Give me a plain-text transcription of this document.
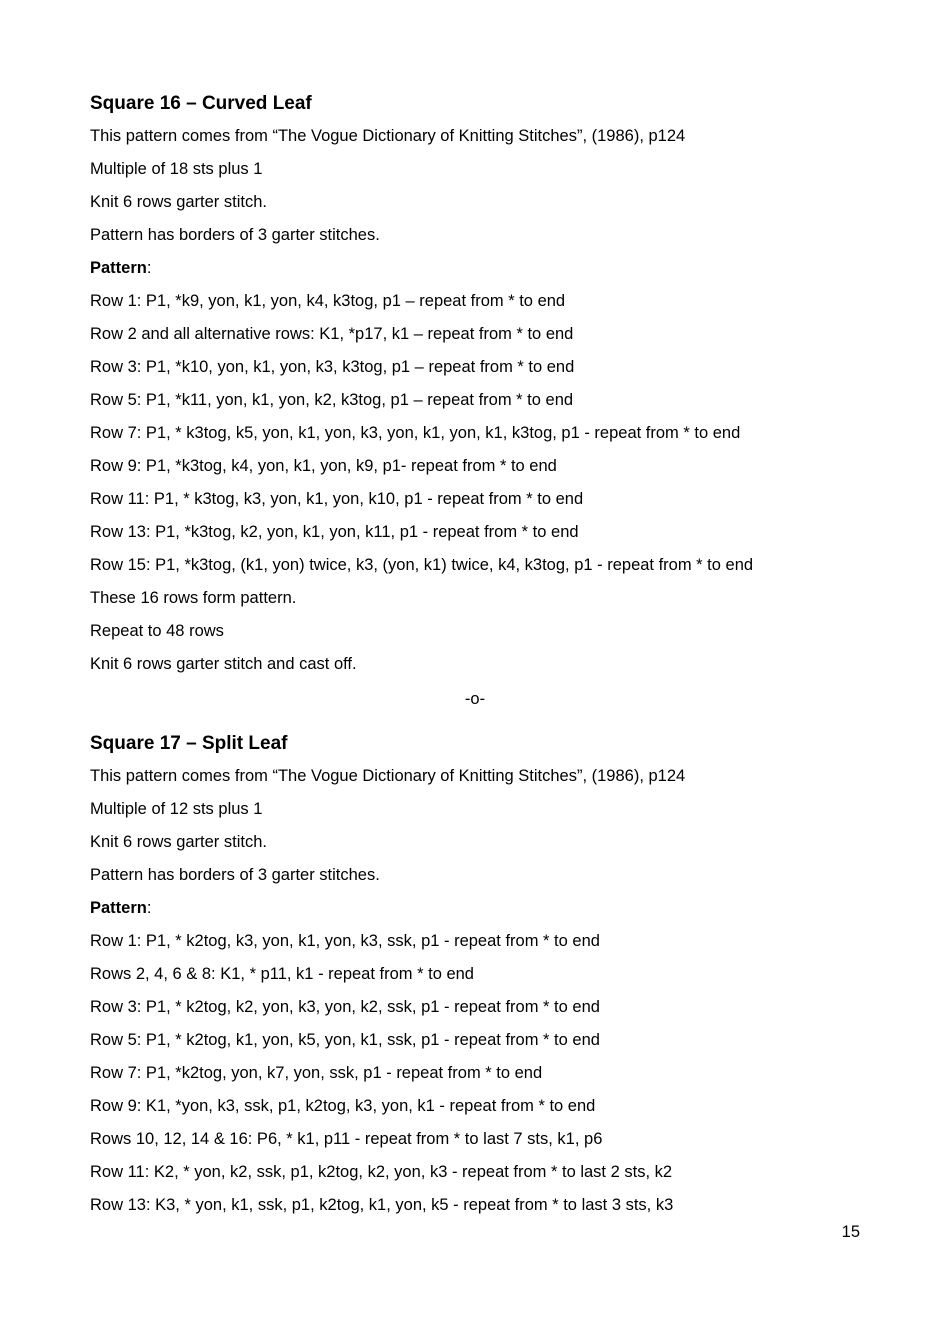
Square 16 – Curved Leaf

This pattern comes from “The Vogue Dictionary of Knitting Stitches”, (1986), p124

Multiple of 18 sts plus 1

Knit 6 rows garter stitch.

Pattern has borders of 3 garter stitches.

Pattern:

Row 1: P1, *k9, yon, k1, yon, k4, k3tog, p1 – repeat from * to end

Row 2 and all alternative rows: K1, *p17, k1 – repeat from * to end

Row 3: P1, *k10, yon, k1, yon, k3, k3tog, p1 – repeat from * to end

Row 5: P1, *k11, yon, k1, yon, k2, k3tog, p1 – repeat from * to end

Row 7: P1, * k3tog, k5, yon, k1, yon, k3, yon, k1, yon, k1, k3tog, p1 - repeat from * to end

Row 9: P1, *k3tog, k4, yon, k1, yon, k9, p1- repeat from * to end

Row 11: P1, * k3tog, k3, yon, k1, yon, k10, p1 - repeat from * to end

Row 13: P1, *k3tog, k2, yon, k1, yon, k11, p1 - repeat from * to end

Row 15: P1, *k3tog, (k1, yon) twice, k3, (yon, k1) twice, k4, k3tog, p1 - repeat from * to end

These 16 rows form pattern.

Repeat to 48 rows

Knit 6 rows garter stitch and cast off.

Square 17 – Split Leaf

This pattern comes from “The Vogue Dictionary of Knitting Stitches”, (1986), p124

Multiple of 12 sts plus 1

Knit 6 rows garter stitch.

Pattern has borders of 3 garter stitches.

Pattern:

Row 1: P1, * k2tog, k3, yon, k1, yon, k3, ssk, p1 - repeat from * to end

Rows 2, 4, 6 & 8: K1, * p11, k1 - repeat from * to end

Row 3: P1, * k2tog, k2, yon, k3, yon, k2, ssk, p1 - repeat from * to end

Row 5: P1, * k2tog, k1, yon, k5, yon, k1, ssk, p1 - repeat from * to end

Row 7: P1, *k2tog, yon, k7, yon, ssk, p1 - repeat from * to end

Row 9: K1, *yon, k3, ssk, p1, k2tog, k3, yon, k1 - repeat from * to end

Rows 10, 12, 14 & 16: P6, * k1, p11 - repeat from * to last 7 sts, k1, p6

Row 11: K2, * yon, k2, ssk, p1, k2tog, k2, yon, k3 - repeat from * to last 2 sts, k2

Row 13: K3, * yon, k1, ssk, p1, k2tog, k1, yon, k5 - repeat from * to last 3 sts, k3

-o-
15
